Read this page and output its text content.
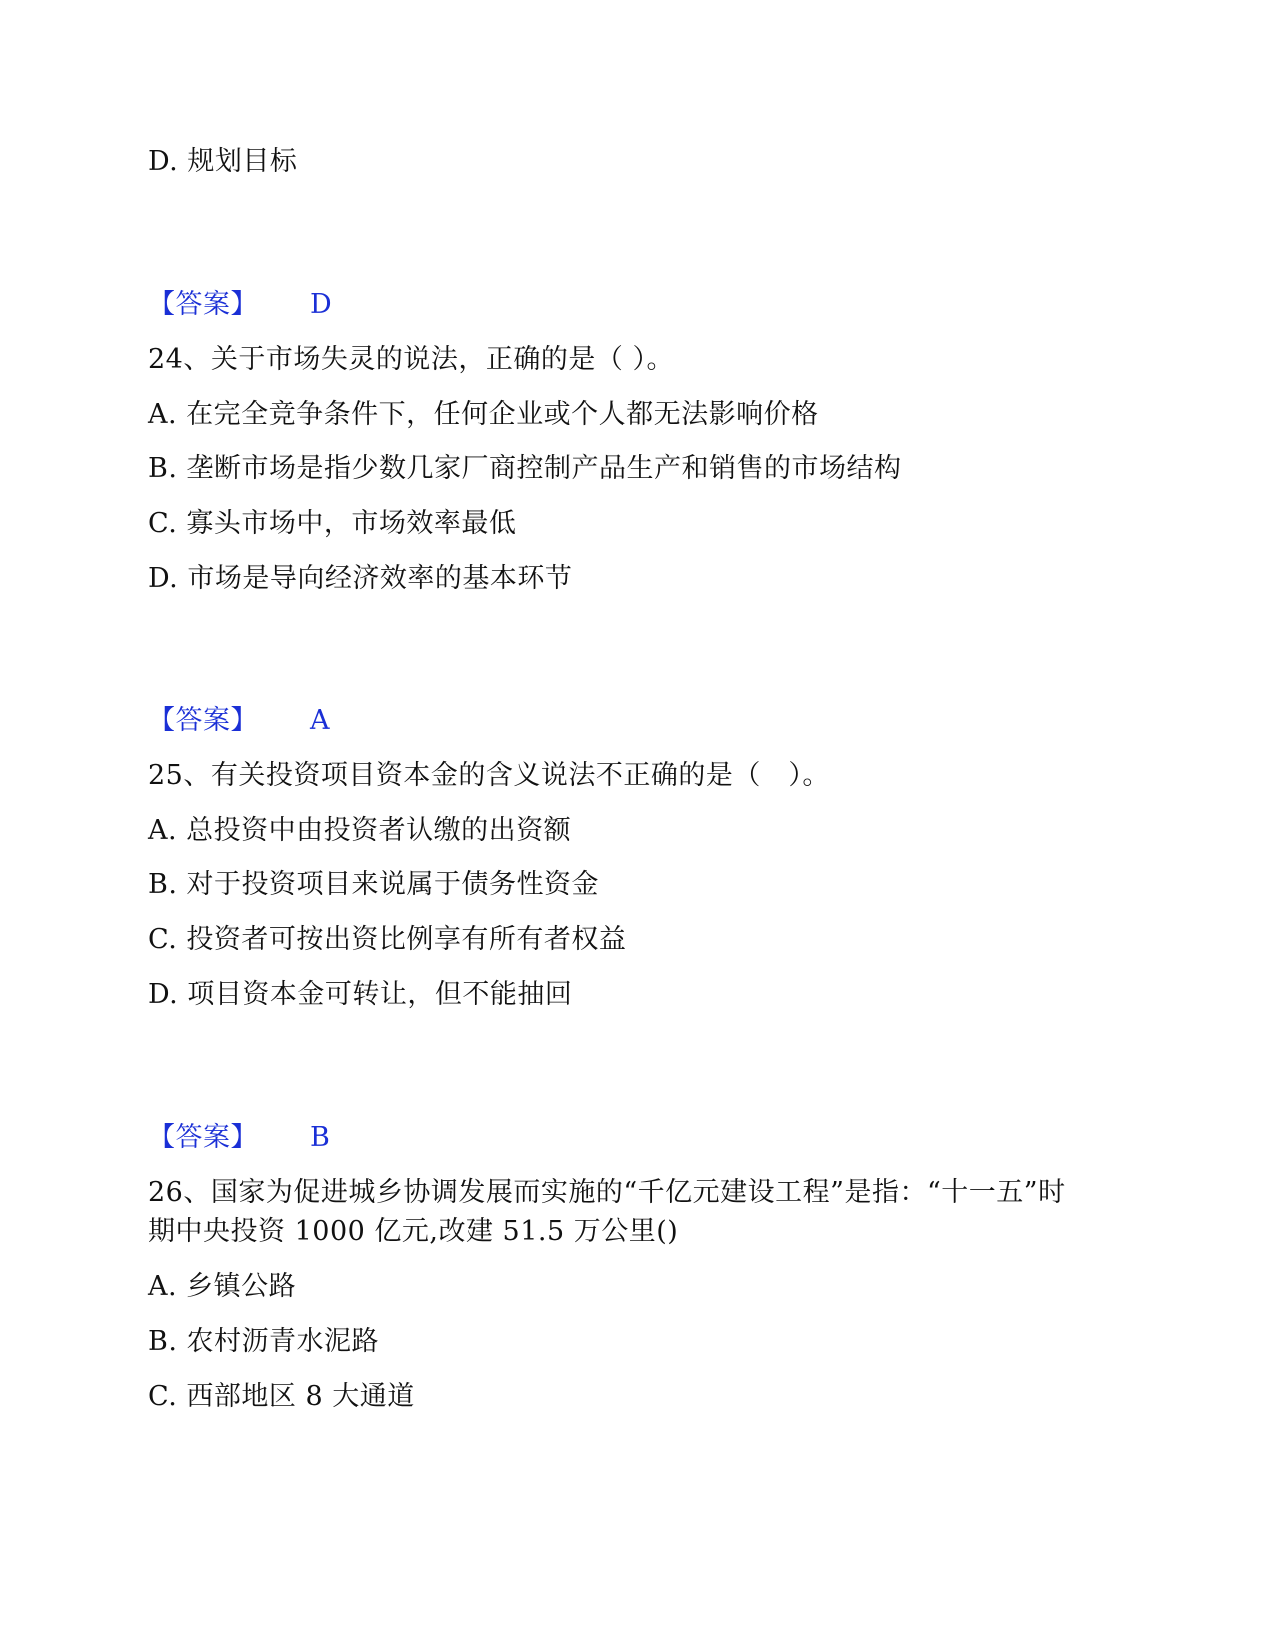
D. 规划目标
【答案】 D
24、关于市场失灵的说法，正确的是（ ）。
A. 在完全竞争条件下，任何企业或个人都无法影响价格
B. 垄断市场是指少数几家厂商控制产品生产和销售的市场结构
C. 寡头市场中，市场效率最低
D. 市场是导向经济效率的基本环节
【答案】 A
25、有关投资项目资本金的含义说法不正确的是（　）。
A. 总投资中由投资者认缴的出资额
B. 对于投资项目来说属于债务性资金
C. 投资者可按出资比例享有所有者权益
D. 项目资本金可转让，但不能抽回
【答案】 B
26、国家为促进城乡协调发展而实施的“千亿元建设工程”是指：“十一五”时
期中央投资 1000 亿元,改建 51.5 万公里()
A. 乡镇公路
B. 农村沥青水泥路
C. 西部地区 8 大通道
